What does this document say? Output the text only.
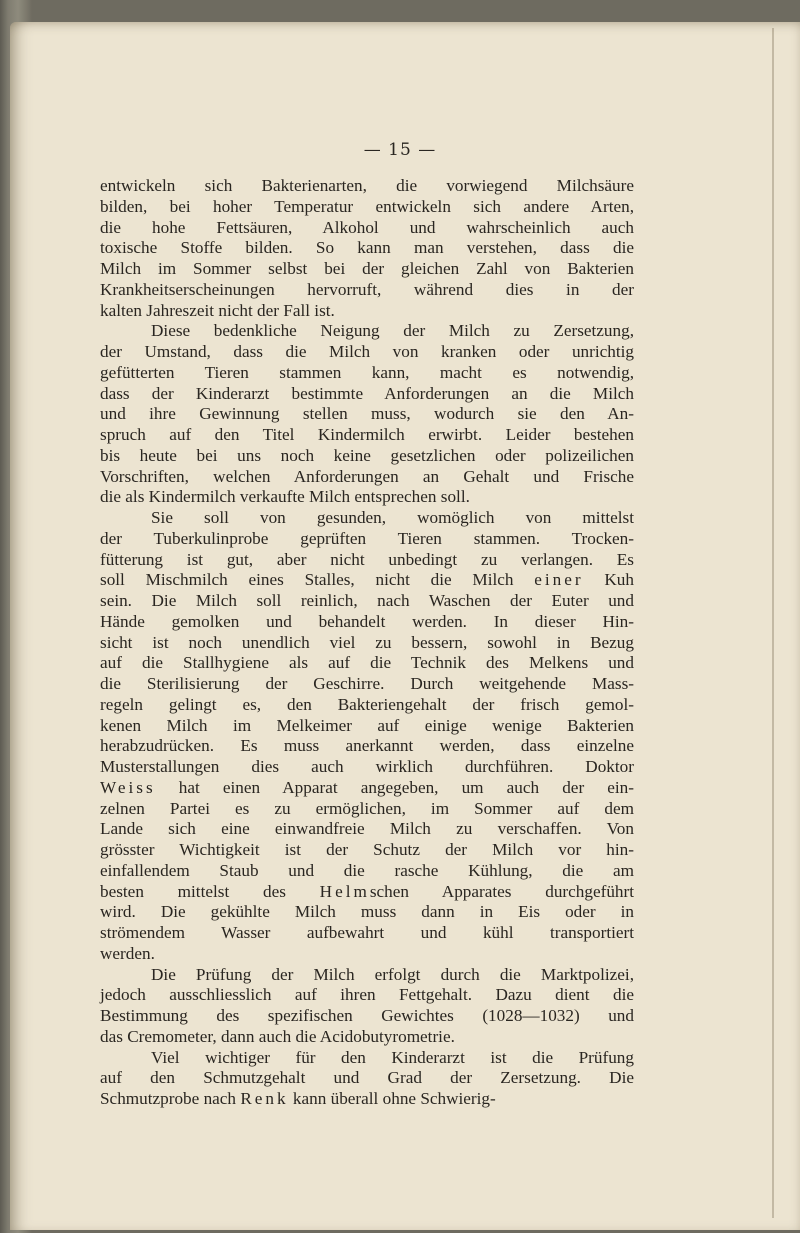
— 15 —
entwickeln sich Bakterienarten, die vorwiegend Milchsäure
bilden, bei hoher Temperatur entwickeln sich andere Arten,
die hohe Fettsäuren, Alkohol und wahrscheinlich auch
toxische Stoffe bilden. So kann man verstehen, dass die
Milch im Sommer selbst bei der gleichen Zahl von Bakterien
Krankheitserscheinungen hervorruft, während dies in der
kalten Jahreszeit nicht der Fall ist.
Diese bedenkliche Neigung der Milch zu Zersetzung,
der Umstand, dass die Milch von kranken oder unrichtig
gefütterten Tieren stammen kann, macht es notwendig,
dass der Kinderarzt bestimmte Anforderungen an die Milch
und ihre Gewinnung stellen muss, wodurch sie den An-
spruch auf den Titel Kindermilch erwirbt. Leider bestehen
bis heute bei uns noch keine gesetzlichen oder polizeilichen
Vorschriften, welchen Anforderungen an Gehalt und Frische
die als Kindermilch verkaufte Milch entsprechen soll.
Sie soll von gesunden, womöglich von mittelst
der Tuberkulinprobe geprüften Tieren stammen. Trocken-
fütterung ist gut, aber nicht unbedingt zu verlangen. Es
soll Mischmilch eines Stalles, nicht die Milch einer Kuh
sein. Die Milch soll reinlich, nach Waschen der Euter und
Hände gemolken und behandelt werden. In dieser Hin-
sicht ist noch unendlich viel zu bessern, sowohl in Bezug
auf die Stallhygiene als auf die Technik des Melkens und
die Sterilisierung der Geschirre. Durch weitgehende Mass-
regeln gelingt es, den Bakteriengehalt der frisch gemol-
kenen Milch im Melkeimer auf einige wenige Bakterien
herabzudrücken. Es muss anerkannt werden, dass einzelne
Musterstallungen dies auch wirklich durchführen. Doktor
Weiss hat einen Apparat angegeben, um auch der ein-
zelnen Partei es zu ermöglichen, im Sommer auf dem
Lande sich eine einwandfreie Milch zu verschaffen. Von
grösster Wichtigkeit ist der Schutz der Milch vor hin-
einfallendem Staub und die rasche Kühlung, die am
besten mittelst des Helmschen Apparates durchgeführt
wird. Die gekühlte Milch muss dann in Eis oder in
strömendem Wasser aufbewahrt und kühl transportiert
werden.
Die Prüfung der Milch erfolgt durch die Marktpolizei,
jedoch ausschliesslich auf ihren Fettgehalt. Dazu dient die
Bestimmung des spezifischen Gewichtes (1028—1032) und
das Cremometer, dann auch die Acidobutyrometrie.
Viel wichtiger für den Kinderarzt ist die Prüfung
auf den Schmutzgehalt und Grad der Zersetzung. Die
Schmutzprobe nach Renk kann überall ohne Schwierig-
